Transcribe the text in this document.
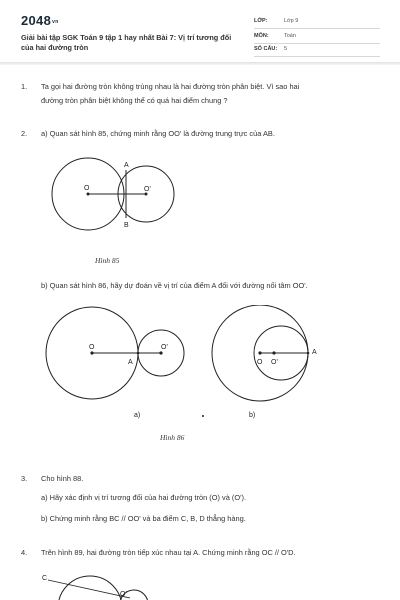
2048vn
Giải bài tập SGK Toán 9 tập 1 hay nhất Bài 7: Vị trí tương đối của hai đường tròn
LỚP:	Lớp 9
MÔN:	Toán
SỐ CÂU: 5
1. Ta gọi hai đường tròn không trùng nhau là hai đường tròn phân biệt. Vì sao hai
đường tròn phân biệt không thể có quá hai điểm chung ?
2. a) Quan sát hình 85, chứng minh rằng OO' là đường trung trực của AB.
O	O'
A
B
Hình 85
b) Quan sát hình 86, hãy dự đoán về vị trí của điểm A đối với đường nối tâm OO'.
O	O'
A
a)
O O'
A
b)
Hình 86
3. Cho hình 88.
a) Hãy xác định vị trí tương đối của hai đường tròn (O) và (O').
b) Chứng minh rằng BC // OO' và ba điểm C, B, D thẳng hàng.
4. Trên hình 89, hai đường tròn tiếp xúc nhau tại A. Chứng minh rằng OC // O'D.
C
O'
